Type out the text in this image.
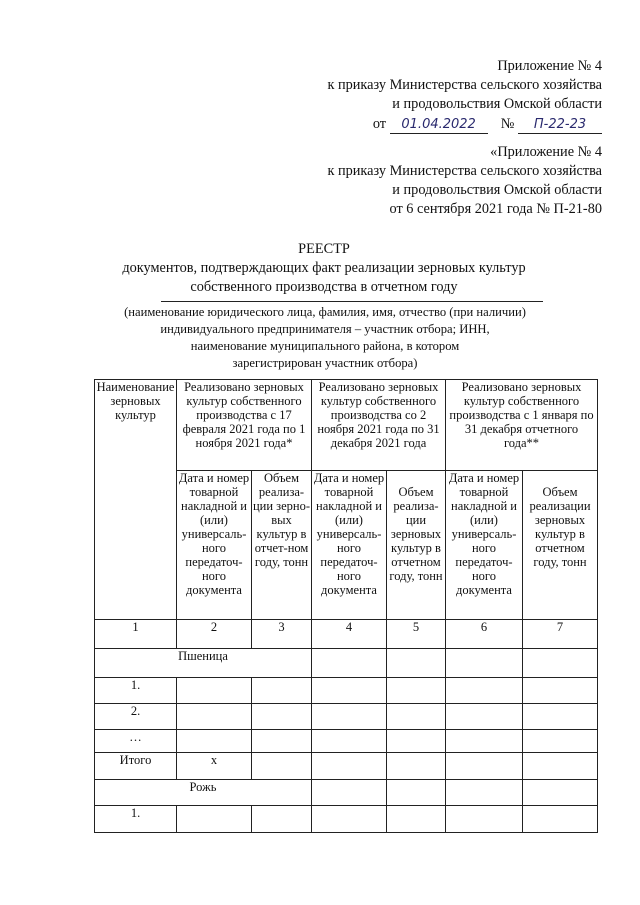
Приложение № 4
к приказу Министерства сельского хозяйства
и продовольствия Омской области
от 01.04.2022 № П-22-23
«Приложение № 4
к приказу Министерства сельского хозяйства
и продовольствия Омской области
от 6 сентября 2021 года № П-21-80
РЕЕСТР
документов, подтверждающих факт реализации зерновых культур
собственного производства в отчетном году
(наименование юридического лица, фамилия, имя, отчество (при наличии)
индивидуального предпринимателя – участник отбора; ИНН,
наименование муниципального района, в котором
зарегистрирован участник отбора)
Наименование зерновых культур	Реализовано зерновых культур собственного производства с 17 февраля 2021 года по 1 ноября 2021 года*		Реализовано зерновых культур собственного производства со 2 ноября 2021 года по 31 декабря 2021 года		Реализовано зерновых культур собственного производства с 1 января по 31 декабря отчетного года**	
	Дата и номер товарной накладной и (или) универсаль-ного передаточ-ного документа	Объем реализа-ции зерно-вых культур в отчет-ном году, тонн	Дата и номер товарной накладной и (или) универсаль-ного передаточ-ного документа	Объем реализа-ции зерновых культур в отчетном году, тонн	Дата и номер товарной накладной и (или) универсаль-ного передаточ-ного документа	Объем реализации зерновых культур в отчетном году, тонн
1	2	3	4	5	6	7
Пшеница						
1.						
2.						
…						
Итого	х					
Рожь						
1.						
